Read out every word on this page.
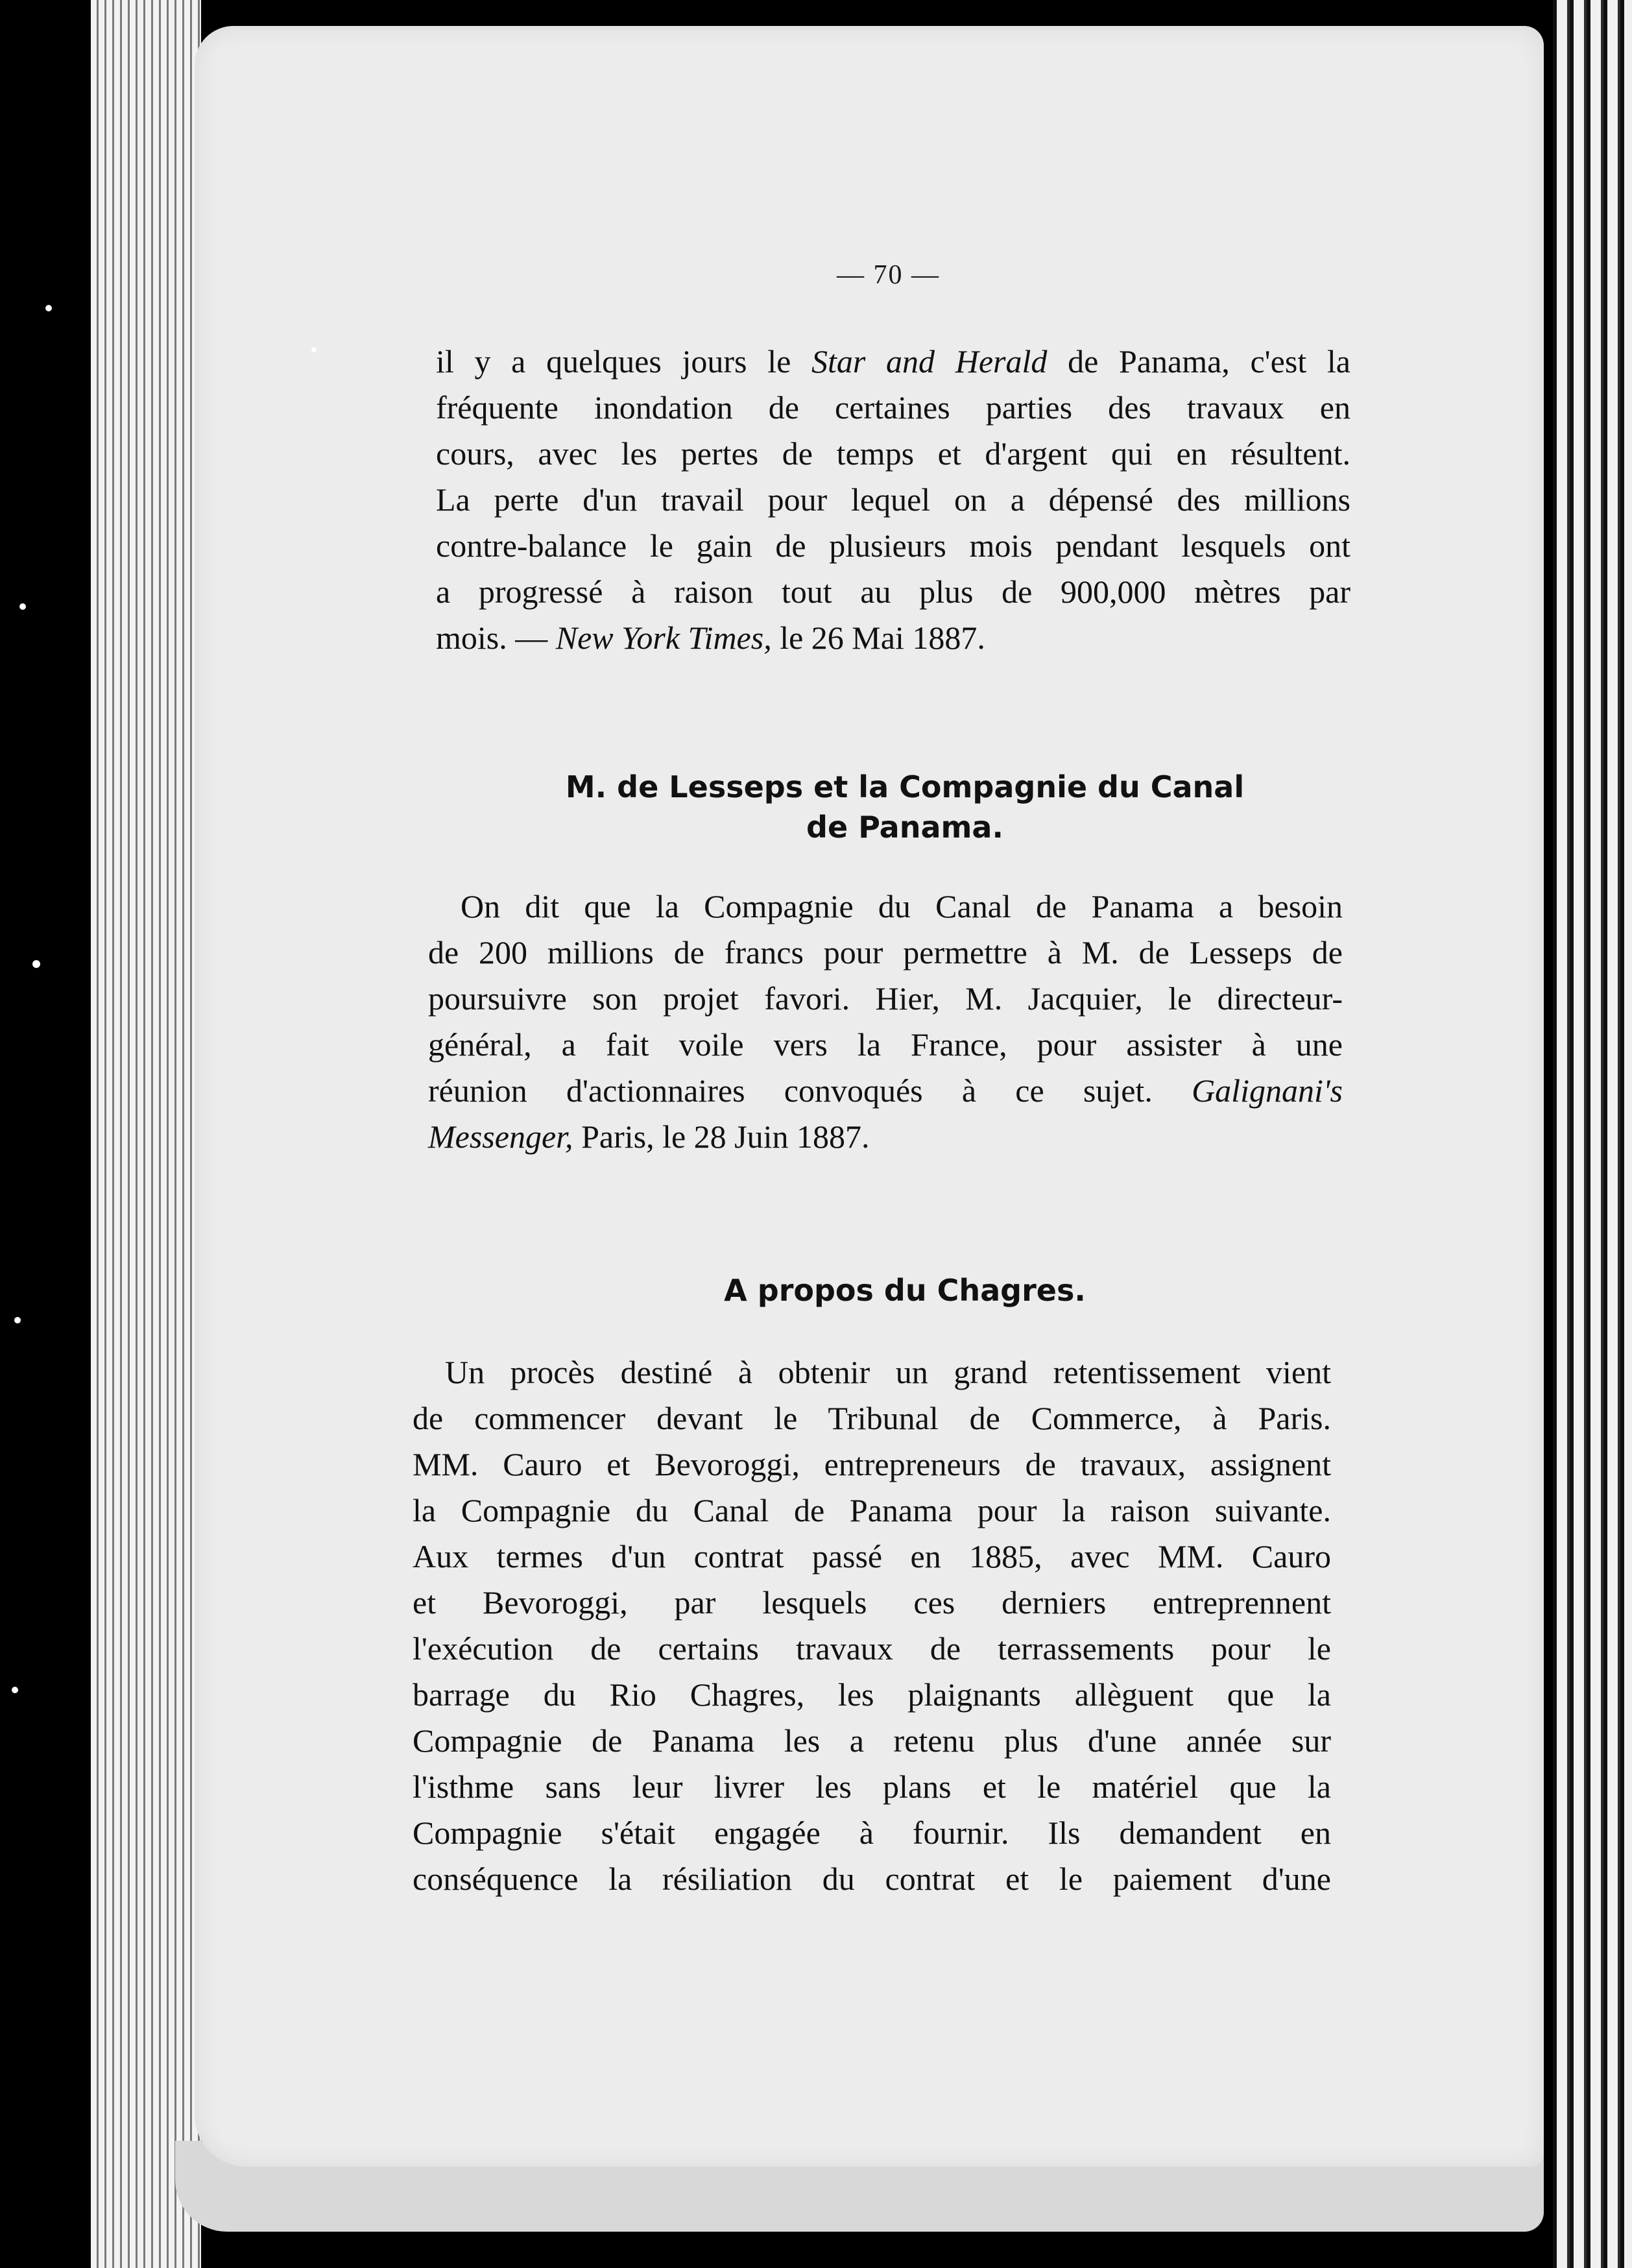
— 70 —
il y a quelques jours le Star and Herald de Panama, c'est la
fréquente inondation de certaines parties des travaux en
cours, avec les pertes de temps et d'argent qui en résultent.
La perte d'un travail pour lequel on a dépensé des millions
contre-balance le gain de plusieurs mois pendant lesquels ont
a progressé à raison tout au plus de 900,000 mètres par
mois. — New York Times, le 26 Mai 1887.
M. de Lesseps et la Compagnie du Canal
de Panama.
On dit que la Compagnie du Canal de Panama a besoin
de 200 millions de francs pour permettre à M. de Lesseps de
poursuivre son projet favori. Hier, M. Jacquier, le directeur-
général, a fait voile vers la France, pour assister à une
réunion d'actionnaires convoqués à ce sujet. Galignani's
Messenger, Paris, le 28 Juin 1887.
A propos du Chagres.
Un procès destiné à obtenir un grand retentissement vient
de commencer devant le Tribunal de Commerce, à Paris.
MM. Cauro et Bevoroggi, entrepreneurs de travaux, assignent
la Compagnie du Canal de Panama pour la raison suivante.
Aux termes d'un contrat passé en 1885, avec MM. Cauro
et Bevoroggi, par lesquels ces derniers entreprennent
l'exécution de certains travaux de terrassements pour le
barrage du Rio Chagres, les plaignants allèguent que la
Compagnie de Panama les a retenu plus d'une année sur
l'isthme sans leur livrer les plans et le matériel que la
Compagnie s'était engagée à fournir. Ils demandent en
conséquence la résiliation du contrat et le paiement d'une
